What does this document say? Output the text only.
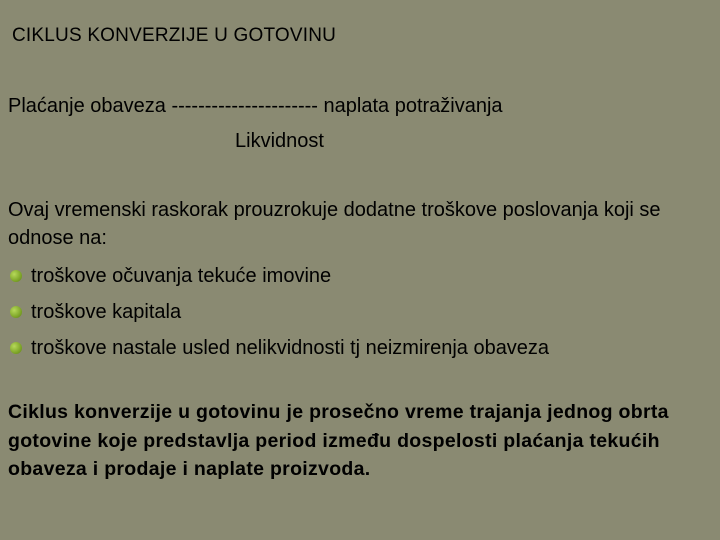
CIKLUS KONVERZIJE U GOTOVINU
Plaćanje obaveza ---------------------- naplata potraživanja
Likvidnost
Ovaj vremenski raskorak prouzrokuje dodatne troškove poslovanja koji se odnose na:
troškove očuvanja tekuće imovine
troškove kapitala
troškove nastale usled nelikvidnosti tj neizmirenja obaveza
Ciklus konverzije u gotovinu je prosečno vreme trajanja jednog obrta gotovine koje predstavlja period između dospelosti plaćanja tekućih obaveza i prodaje i naplate proizvoda.
